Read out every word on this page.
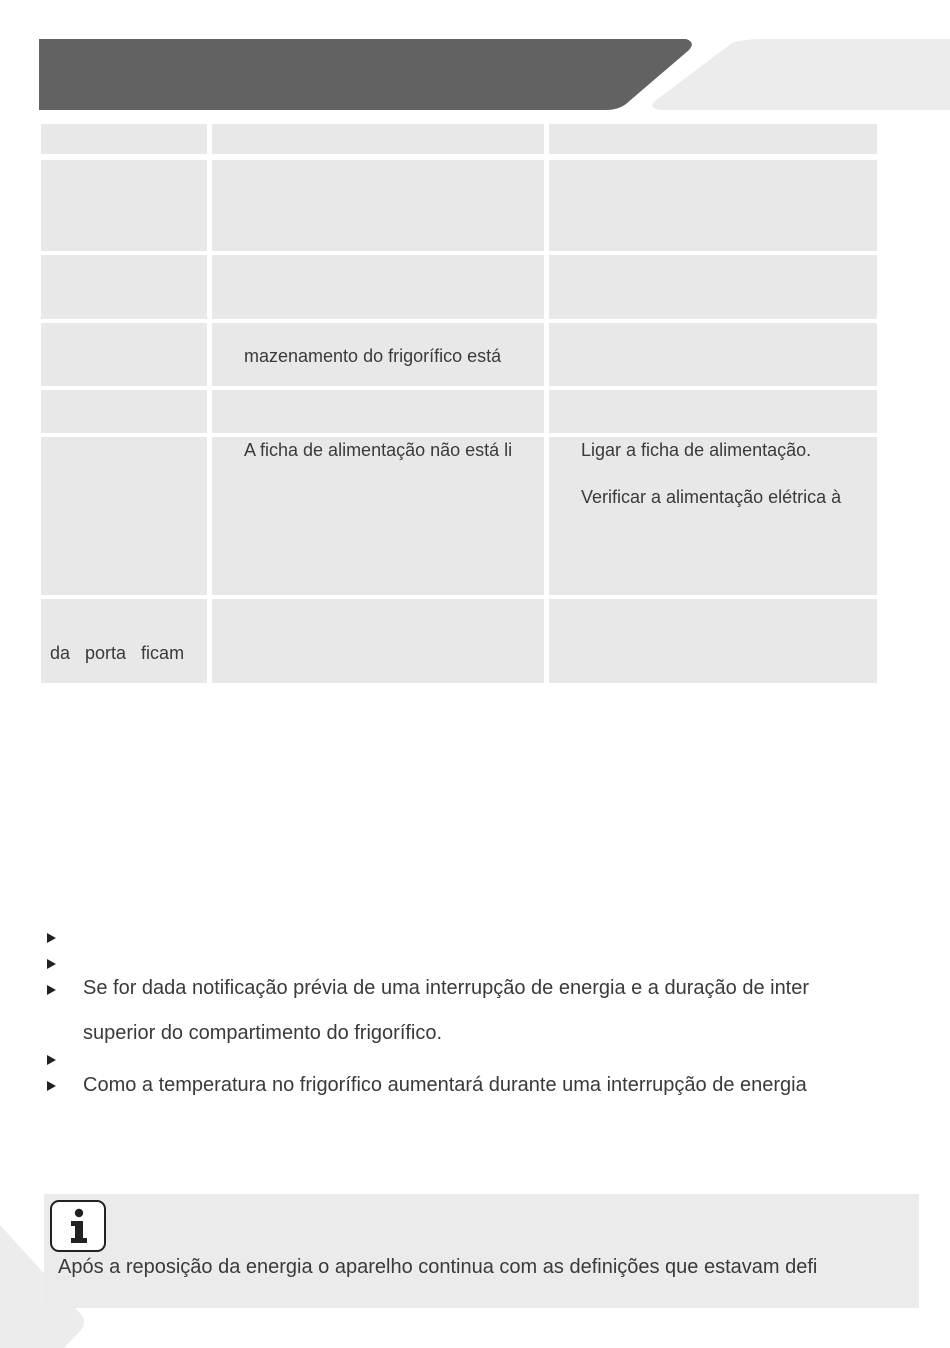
mazenamento do frigorífico está
A ficha de alimentação não está li	Ligar a ficha de alimentação.
Verificar a alimentação elétrica à
da   porta   ficam
Se for dada notificação prévia de uma interrupção de energia e a duração de inter
superior do compartimento do frigorífico.
Como a temperatura no frigorífico aumentará durante uma interrupção de energia
Após a reposição da energia o aparelho continua com as definições que estavam defi
